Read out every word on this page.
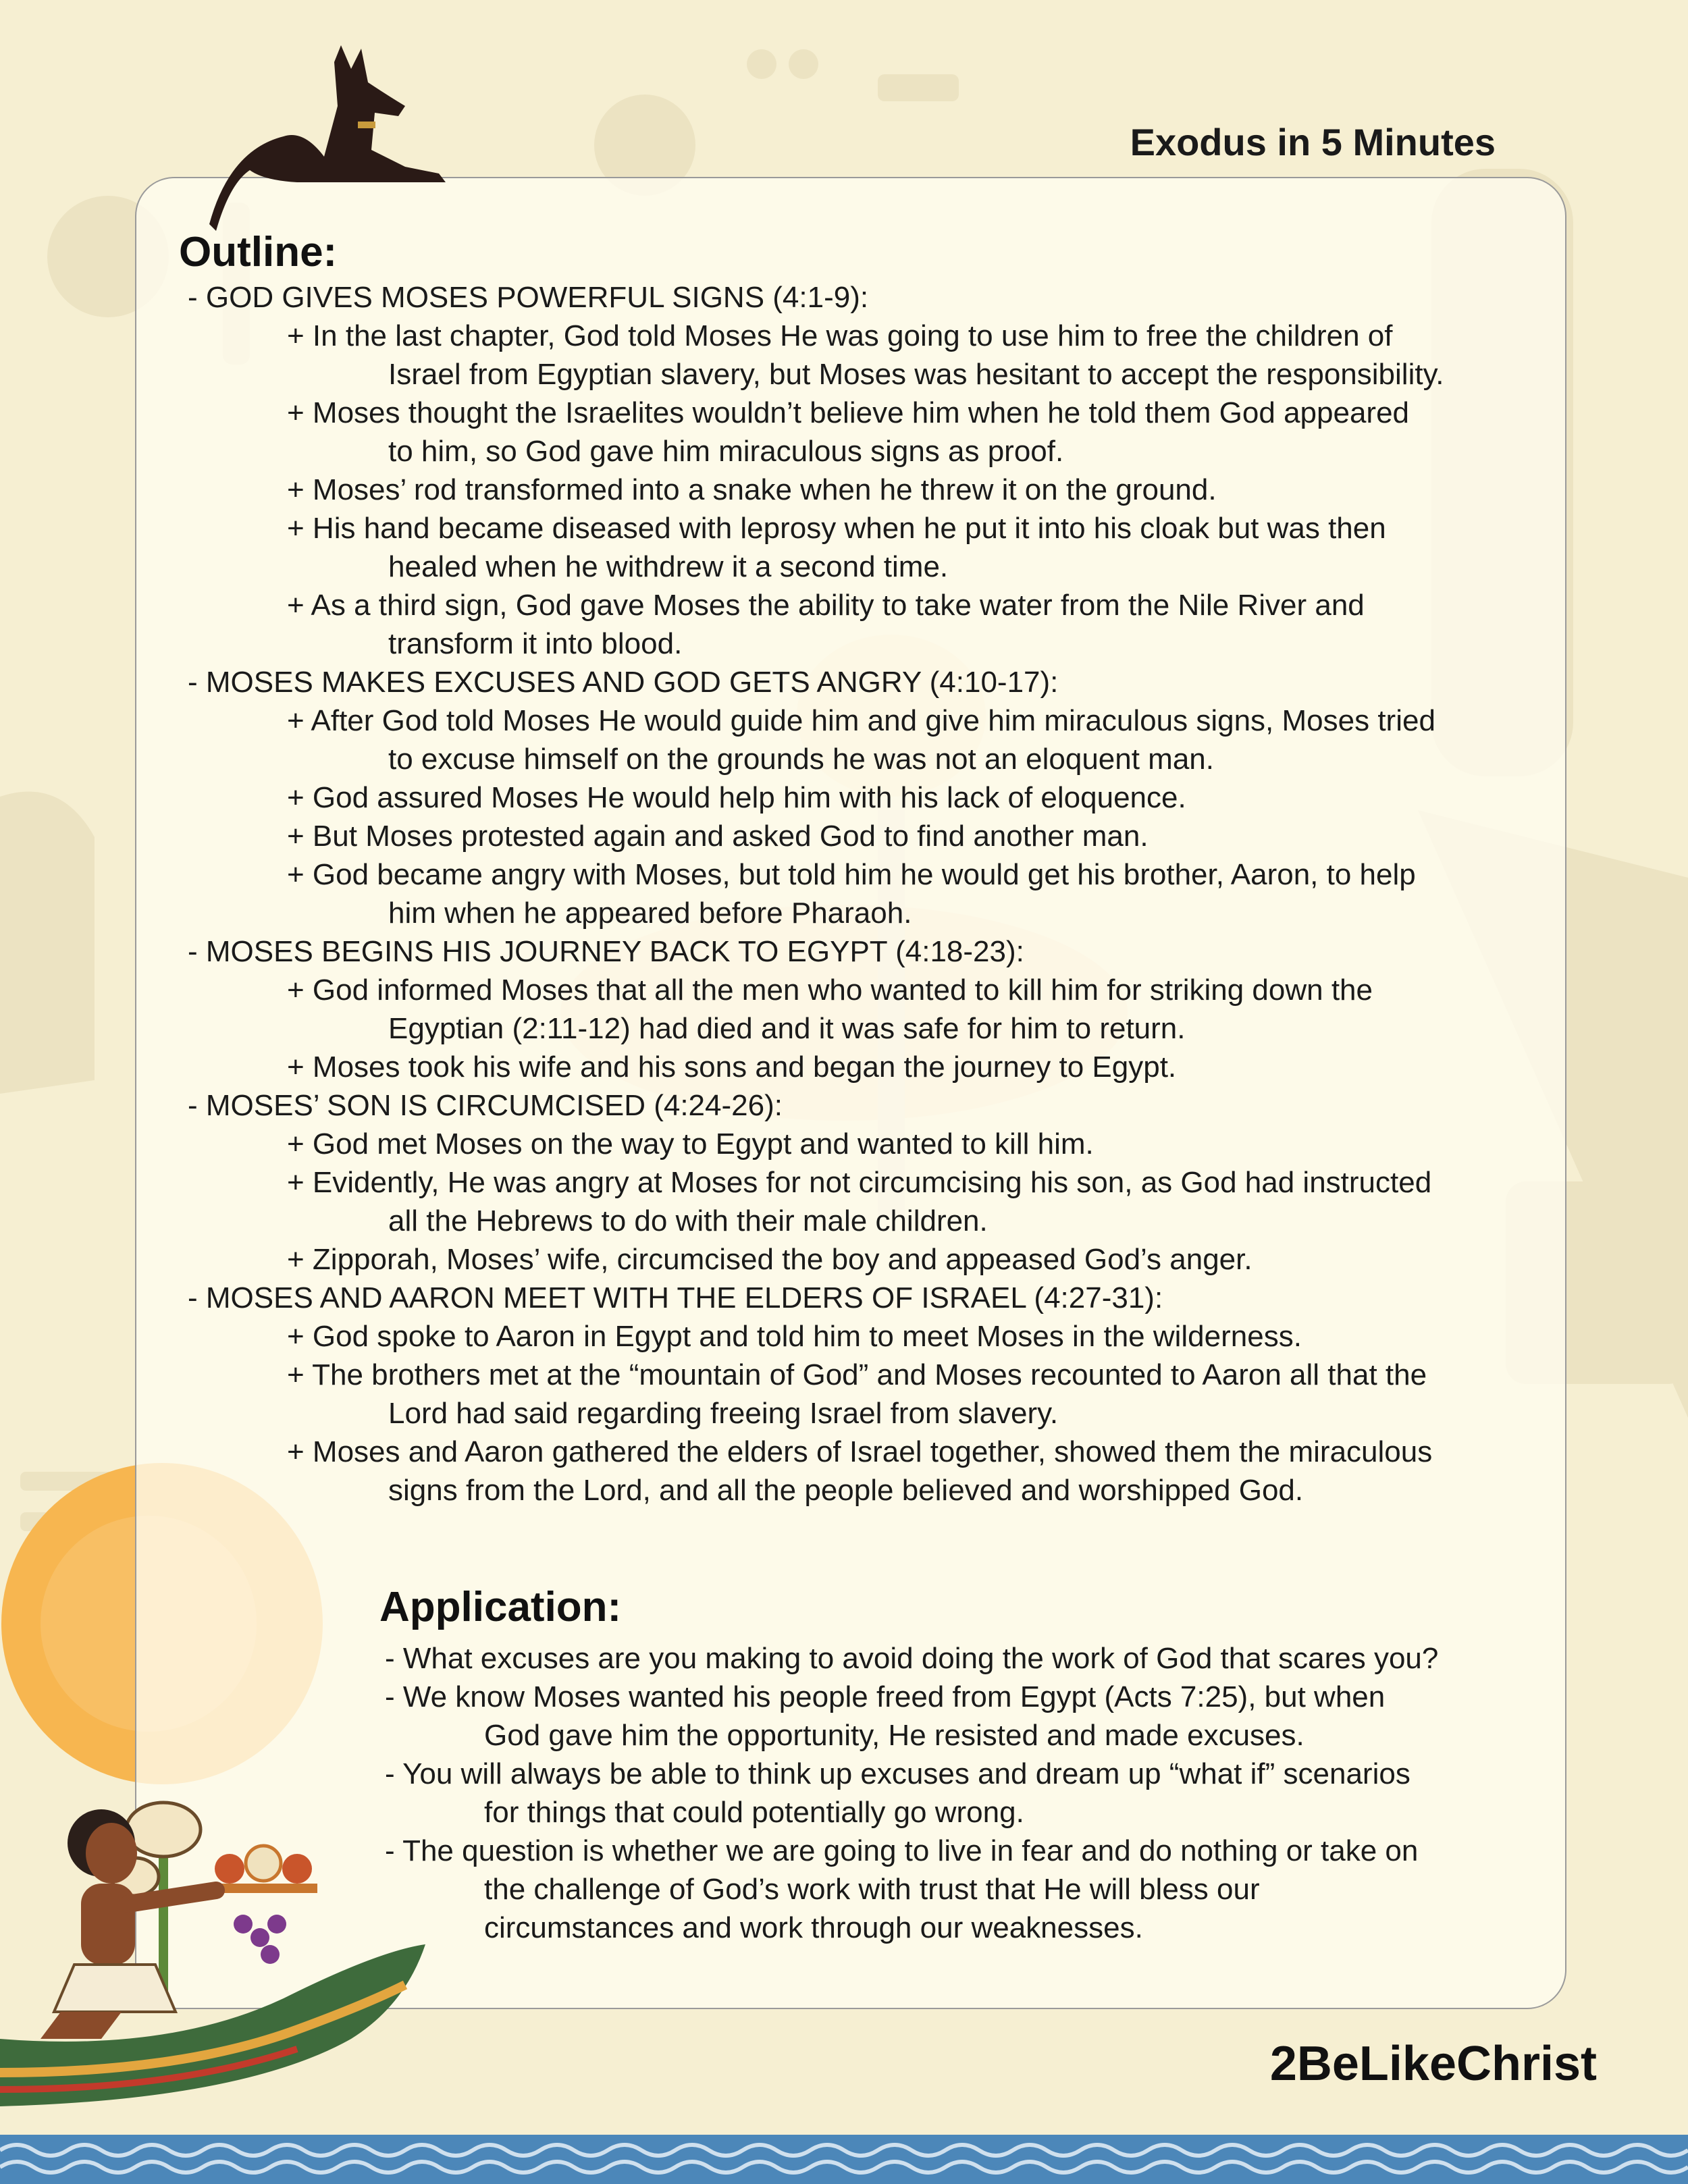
Exodus in 5 Minutes
Outline:

- GOD GIVES MOSES POWERFUL SIGNS (4:1-9):

+ In the last chapter, God told Moses He was going to use him to free the children of

Israel from Egyptian slavery, but Moses was hesitant to accept the responsibility.

+ Moses thought the Israelites wouldn’t believe him when he told them God appeared

to him, so God gave him miraculous signs as proof.

+ Moses’ rod transformed into a snake when he threw it on the ground.

+ His hand became diseased with leprosy when he put it into his cloak but was then

healed when he withdrew it a second time.

+ As a third sign, God gave Moses the ability to take water from the Nile River and

transform it into blood.

- MOSES MAKES EXCUSES AND GOD GETS ANGRY (4:10-17):

+ After God told Moses He would guide him and give him miraculous signs, Moses tried

to excuse himself on the grounds he was not an eloquent man.

+ God assured Moses He would help him with his lack of eloquence.

+ But Moses protested again and asked God to find another man.

+ God became angry with Moses, but told him he would get his brother, Aaron, to help

him when he appeared before Pharaoh.

- MOSES BEGINS HIS JOURNEY BACK TO EGYPT (4:18-23):

+ God informed Moses that all the men who wanted to kill him for striking down the

Egyptian (2:11-12) had died and it was safe for him to return.

+ Moses took his wife and his sons and began the journey to Egypt.

- MOSES’ SON IS CIRCUMCISED (4:24-26):

+ God met Moses on the way to Egypt and wanted to kill him.

+ Evidently, He was angry at Moses for not circumcising his son, as God had instructed

all the Hebrews to do with their male children.

+ Zipporah, Moses’ wife, circumcised the boy and appeased God’s anger.

- MOSES AND AARON MEET WITH THE ELDERS OF ISRAEL (4:27-31):

+ God spoke to Aaron in Egypt and told him to meet Moses in the wilderness.

+ The brothers met at the “mountain of God” and Moses recounted to Aaron all that the

Lord had said regarding freeing Israel from slavery.

+ Moses and Aaron gathered the elders of Israel together, showed them the miraculous

signs from the Lord, and all the people believed and worshipped God.

Application:

- What excuses are you making to avoid doing the work of God that scares you?

- We know Moses wanted his people freed from Egypt (Acts 7:25), but when

God gave him the opportunity, He resisted and made excuses.

- You will always be able to think up excuses and dream up “what if” scenarios

for things that could potentially go wrong.

- The question is whether we are going to live in fear and do nothing or take on

the challenge of God’s work with trust that He will bless our

circumstances and work through our weaknesses.

2BeLikeChrist
